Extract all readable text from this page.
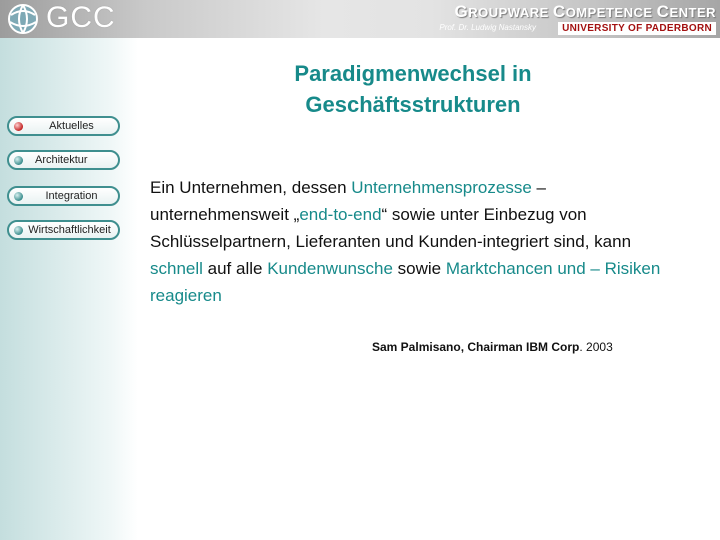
GCC	GROUPWARE COMPETENCE CENTER
Prof. Dr. Ludwig Nastansky	UNIVERSITY OF PADERBORN
Aktuelles
Architektur
Integration
Wirtschaftlichkeit
Paradigmenwechsel in
Geschäftsstrukturen
Ein Unternehmen, dessen Unternehmensprozesse – unternehmensweit „end-to-end“ sowie unter Einbezug von Schlüsselpartnern, Lieferanten und Kunden-integriert sind, kann schnell auf alle Kundenwunsche sowie Marktchancen und – Risiken reagieren
Sam Palmisano, Chairman IBM Corp. 2003
